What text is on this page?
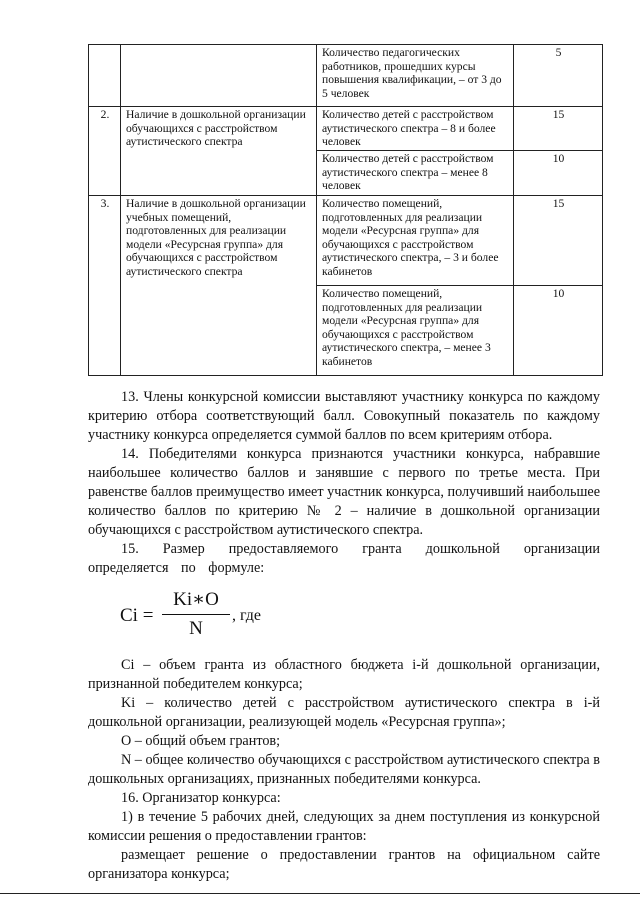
		Количество педагогических работников, прошедших курсы повышения квалификации, – от 3 до 5 человек	5
2.	Наличие в дошкольной организации обучающихся с расстройством аутистического спектра	Количество детей с расстройством аутистического спектра – 8 и более человек	15
		Количество детей с расстройством аутистического спектра – менее 8 человек	10
3.	Наличие в дошкольной организации учебных помещений, подготовленных для реализации модели «Ресурсная группа» для обучающихся с расстройством аутистического спектра	Количество помещений, подготовленных для реализации модели «Ресурсная группа» для обучающихся с расстройством аутистического спектра, – 3 и более кабинетов	15
		Количество помещений, подготовленных для реализации модели «Ресурсная группа» для обучающихся с расстройством аутистического спектра, – менее 3 кабинетов	10

13. Члены конкурсной комиссии выставляют участнику конкурса по каждому критерию отбора соответствующий балл. Совокупный показатель по каждому участнику конкурса определяется суммой баллов по всем критериям отбора.

14. Победителями конкурса признаются участники конкурса, набравшие наибольшее количество баллов и занявшие с первого по третье места. При равенстве баллов преимущество имеет участник конкурса, получивший наибольшее количество баллов по критерию № 2 – наличие в дошкольной организации обучающихся с расстройством аутистического спектра.

15. Размер предоставляемого гранта дошкольной организации определяется по формуле:

Ci =
Ki∗O
N
, где

Ci – объем гранта из областного бюджета i-й дошкольной организации, признанной победителем конкурса;

Ki – количество детей с расстройством аутистического спектра в i-й дошкольной организации, реализующей модель «Ресурсная группа»;

O – общий объем грантов;

N – общее количество обучающихся с расстройством аутистического спектра в дошкольных организациях, признанных победителями конкурса.

16. Организатор конкурса:

1) в течение 5 рабочих дней, следующих за днем поступления из конкурсной комиссии решения о предоставлении грантов:

размещает решение о предоставлении грантов на официальном сайте организатора конкурса;
